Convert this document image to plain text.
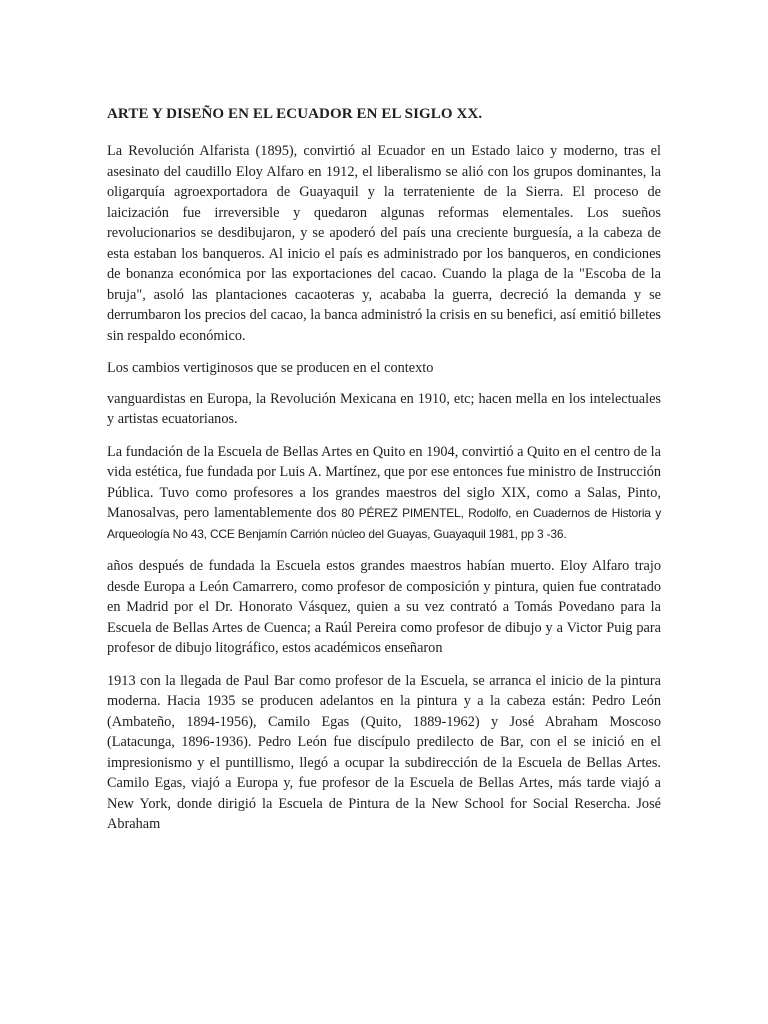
ARTE Y DISEÑO EN EL ECUADOR EN EL SIGLO XX.

La Revolución Alfarista (1895), convirtió al Ecuador en un Estado laico y moderno, tras el asesinato del caudillo Eloy Alfaro en 1912, el liberalismo se alió con los grupos dominantes, la oligarquía agroexportadora de Guayaquil y la terrateniente de la Sierra. El proceso de laicización fue irreversible y quedaron algunas reformas elementales. Los sueños revolucionarios se desdibujaron, y se apoderó del país una creciente burguesía, a la cabeza de esta estaban los banqueros. Al inicio el país es administrado por los banqueros, en condiciones de bonanza económica por las exportaciones del cacao. Cuando la plaga de la "Escoba de la bruja", asoló las plantaciones cacaoteras y, acababa la guerra, decreció la demanda y se derrumbaron los precios del cacao, la banca administró la crisis en su benefici, así emitió billetes sin respaldo económico.

Los cambios vertiginosos que se producen en el contexto

vanguardistas en Europa, la Revolución Mexicana en 1910, etc; hacen mella en los intelectuales y artistas ecuatorianos.

La fundación de la Escuela de Bellas Artes en Quito en 1904, convirtió a Quito en el centro de la vida estética, fue fundada por Luis A. Martínez, que por ese entonces fue ministro de Instrucción Pública. Tuvo como profesores a los grandes maestros del siglo XIX, como a Salas, Pinto, Manosalvas, pero lamentablemente dos 80 PÉREZ PIMENTEL, Rodolfo, en Cuadernos de Historia y Arqueología No 43, CCE Benjamín Carrión núcleo del Guayas, Guayaquil 1981, pp 3 -36.

años después de fundada la Escuela estos grandes maestros habían muerto. Eloy Alfaro trajo desde Europa a León Camarrero, como profesor de composición y pintura, quien fue contratado en Madrid por el Dr. Honorato Vásquez, quien a su vez contrató a Tomás Povedano para la Escuela de Bellas Artes de Cuenca; a Raúl Pereira como profesor de dibujo y a Victor Puig para profesor de dibujo litográfico, estos académicos enseñaron

1913 con la llegada de Paul Bar como profesor de la Escuela, se arranca el inicio de la pintura moderna. Hacia 1935 se producen adelantos en la pintura y a la cabeza están: Pedro León (Ambateño, 1894-1956), Camilo Egas (Quito, 1889-1962) y José Abraham Moscoso (Latacunga, 1896-1936). Pedro León fue discípulo predilecto de Bar, con el se inició en el impresionismo y el puntillismo, llegó a ocupar la subdirección de la Escuela de Bellas Artes. Camilo Egas, viajó a Europa y, fue profesor de la Escuela de Bellas Artes, más tarde viajó a New York, donde dirigió la Escuela de Pintura de la New School for Social Resercha. José Abraham
